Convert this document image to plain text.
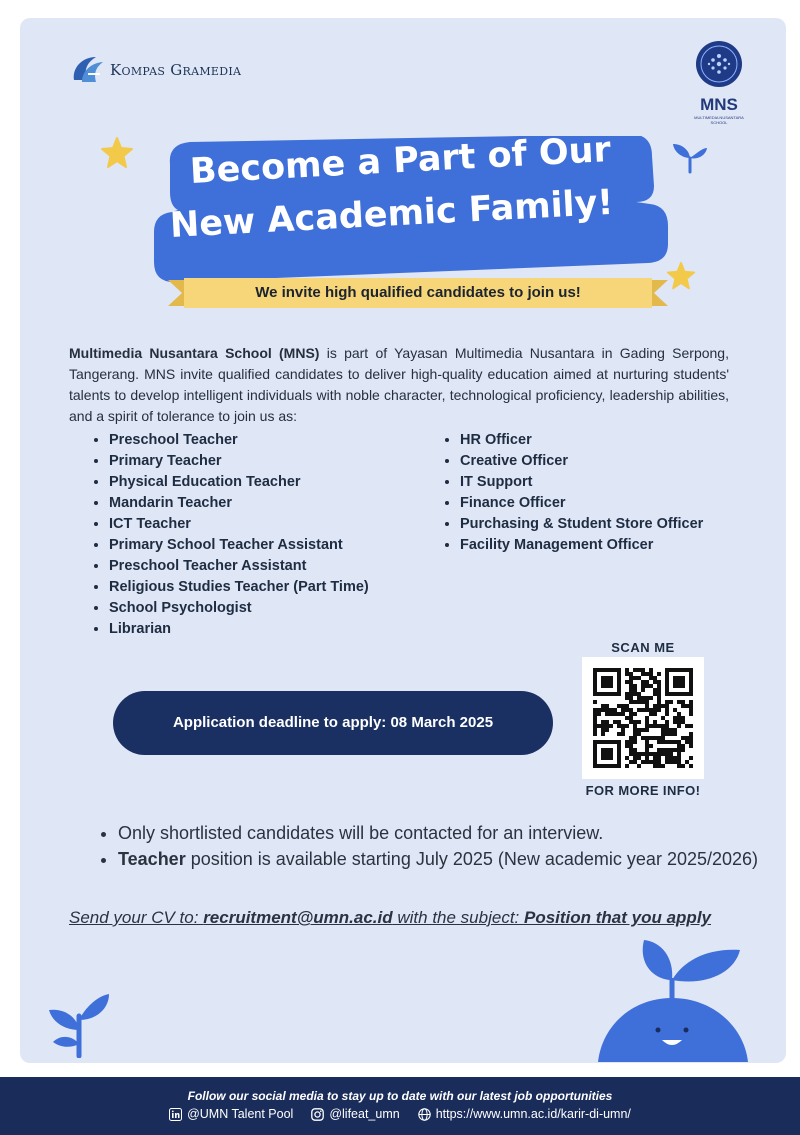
Kompas Gramedia
MNS
MULTIMEDIA NUSANTARA SCHOOL
Become a Part of Our
New Academic Family!
We invite high qualified candidates to join us!

Multimedia Nusantara School (MNS) is part of Yayasan Multimedia Nusantara in Gading Serpong, Tangerang. MNS invite qualified candidates to deliver high-quality education aimed at nurturing students' talents to develop intelligent individuals with noble character, technological proficiency, leadership abilities, and a spirit of tolerance to join us as:

• Preschool Teacher
• Primary Teacher
• Physical Education Teacher
• Mandarin Teacher
• ICT Teacher
• Primary School Teacher Assistant
• Preschool Teacher Assistant
• Religious Studies Teacher (Part Time)
• School Psychologist
• Librarian
• HR Officer
• Creative Officer
• IT Support
• Finance Officer
• Purchasing & Student Store Officer
• Facility Management Officer
Application deadline to apply: 08 March 2025
SCAN ME
FOR MORE INFO!
• Only shortlisted candidates will be contacted for an interview.
• Teacher position is available starting July 2025 (New academic year 2025/2026)
Send your CV to: recruitment@umn.ac.id with the subject: Position that you apply
Follow our social media to stay up to date with our latest job opportunities
@UMN Talent Pool	@lifeat_umn	https://www.umn.ac.id/karir-di-umn/
